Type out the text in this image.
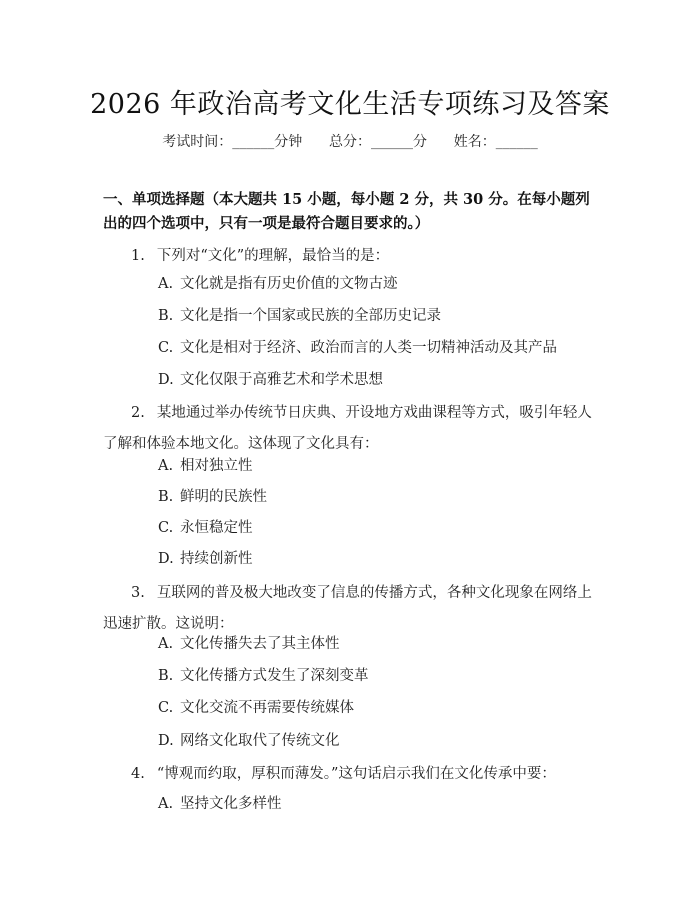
2026 年政治高考文化生活专项练习及答案
考试时间：______分钟 总分：______分 姓名：______
一、单项选择题（本大题共 15 小题，每小题 2 分，共 30 分。在每小题列出的四个选项中，只有一项是最符合题目要求的。）
1. 下列对“文化”的理解，最恰当的是：
A. 文化就是指有历史价值的文物古迹
B. 文化是指一个国家或民族的全部历史记录
C. 文化是相对于经济、政治而言的人类一切精神活动及其产品
D. 文化仅限于高雅艺术和学术思想
2. 某地通过举办传统节日庆典、开设地方戏曲课程等方式，吸引年轻人了解和体验本地文化。这体现了文化具有：
A. 相对独立性
B. 鲜明的民族性
C. 永恒稳定性
D. 持续创新性
3. 互联网的普及极大地改变了信息的传播方式，各种文化现象在网络上迅速扩散。这说明：
A. 文化传播失去了其主体性
B. 文化传播方式发生了深刻变革
C. 文化交流不再需要传统媒体
D. 网络文化取代了传统文化
4. “博观而约取，厚积而薄发。”这句话启示我们在文化传承中要：
A. 坚持文化多样性
